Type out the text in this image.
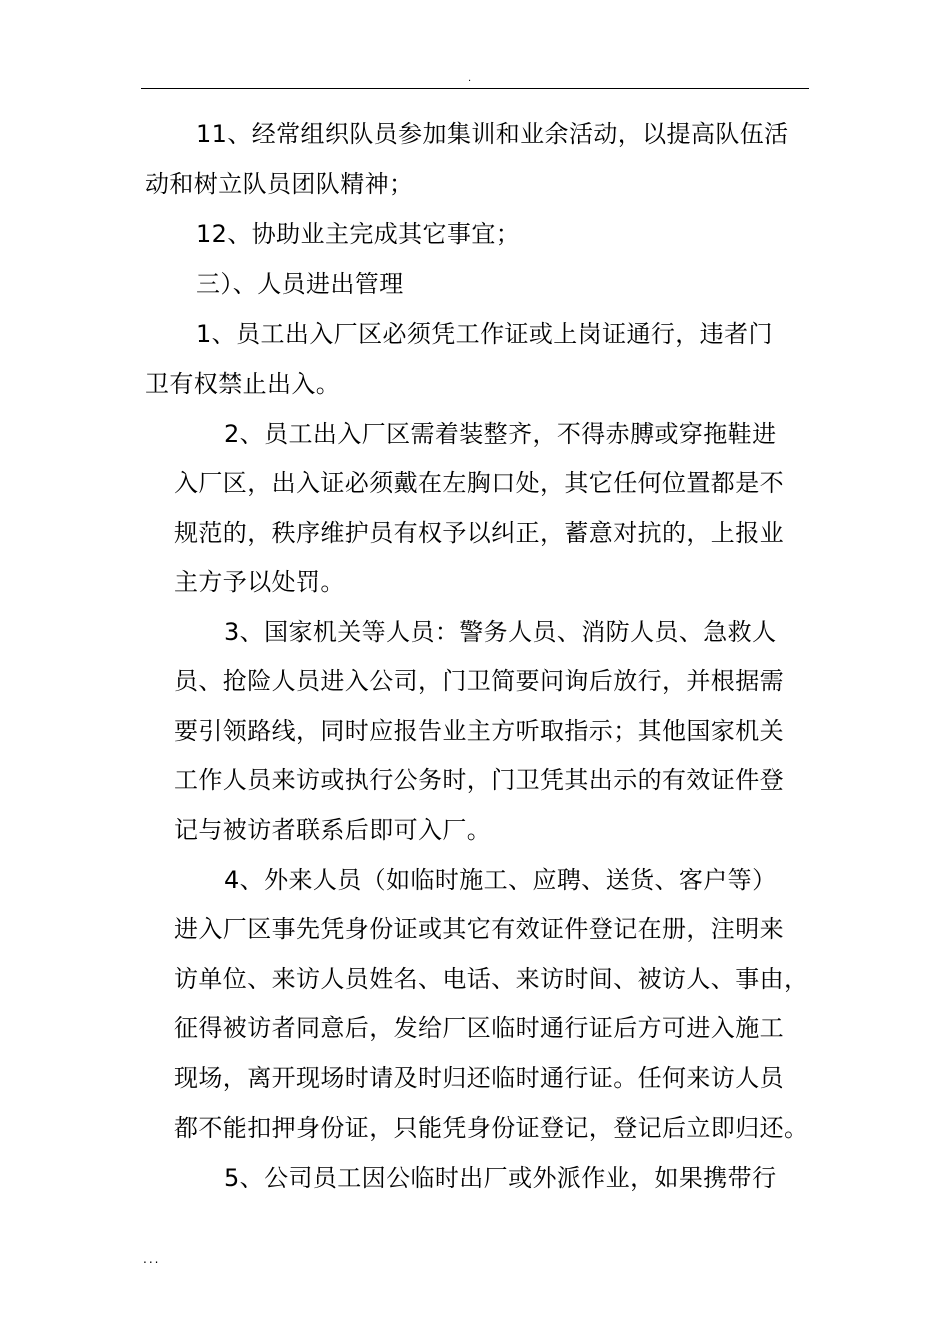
.
11、经常组织队员参加集训和业余活动，以提高队伍活
动和树立队员团队精神；
12、协助业主完成其它事宜；
三）、人员进出管理
1、员工出入厂区必须凭工作证或上岗证通行，违者门
卫有权禁止出入。
2、员工出入厂区需着装整齐，不得赤膊或穿拖鞋进
入厂区，出入证必须戴在左胸口处，其它任何位置都是不
规范的，秩序维护员有权予以纠正，蓄意对抗的，上报业
主方予以处罚。
3、国家机关等人员：警务人员、消防人员、急救人
员、抢险人员进入公司，门卫简要问询后放行，并根据需
要引领路线，同时应报告业主方听取指示；其他国家机关
工作人员来访或执行公务时，门卫凭其出示的有效证件登
记与被访者联系后即可入厂。
4、外来人员（如临时施工、应聘、送货、客户等）
进入厂区事先凭身份证或其它有效证件登记在册，注明来
访单位、来访人员姓名、电话、来访时间、被访人、事由，
征得被访者同意后，发给厂区临时通行证后方可进入施工
现场，离开现场时请及时归还临时通行证。任何来访人员
都不能扣押身份证，只能凭身份证登记，登记后立即归还。
5、公司员工因公临时出厂或外派作业，如果携带行
...
